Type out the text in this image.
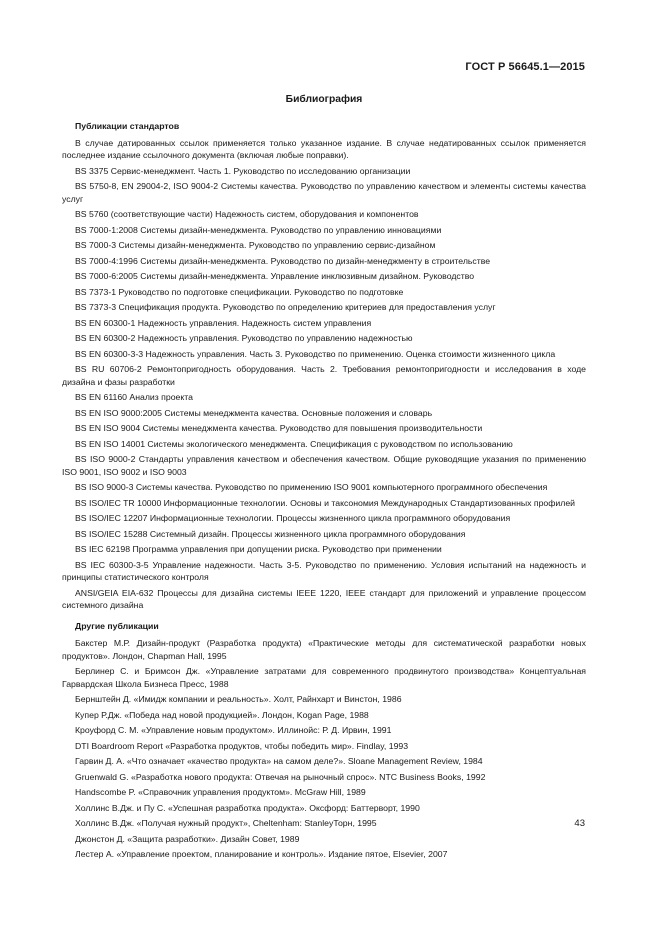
ГОСТ Р 56645.1—2015
Библиография
Публикации стандартов
В случае датированных ссылок применяется только указанное издание. В случае недатированных ссылок применяется последнее издание ссылочного документа (включая любые поправки).
BS 3375 Сервис-менеджмент. Часть 1. Руководство по исследованию организации
BS 5750-8, EN 29004-2, ISO 9004-2 Системы качества. Руководство по управлению качеством и элементы системы качества услуг
BS 5760 (соответствующие части) Надежность систем, оборудования и компонентов
BS 7000-1:2008 Системы дизайн-менеджмента. Руководство по управлению инновациями
BS 7000-3 Системы дизайн-менеджмента. Руководство по управлению сервис-дизайном
BS 7000-4:1996 Системы дизайн-менеджмента. Руководство по дизайн-менеджменту в строительстве
BS 7000-6:2005 Системы дизайн-менеджмента. Управление инклюзивным дизайном. Руководство
BS 7373-1 Руководство по подготовке спецификации. Руководство по подготовке
BS 7373-3 Спецификация продукта. Руководство по определению критериев для предоставления услуг
BS EN 60300-1 Надежность управления. Надежность систем управления
BS EN 60300-2 Надежность управления. Руководство по управлению надежностью
BS EN 60300-3-3 Надежность управления. Часть 3. Руководство по применению. Оценка стоимости жизненного цикла
BS RU 60706-2 Ремонтопригодность оборудования. Часть 2. Требования ремонтопригодности и исследования в ходе дизайна и фазы разработки
BS EN 61160 Анализ проекта
BS EN ISO 9000:2005 Системы менеджмента качества. Основные положения и словарь
BS EN ISO 9004 Системы менеджмента качества. Руководство для повышения производительности
BS EN ISO 14001 Системы экологического менеджмента. Спецификация с руководством по использованию
BS ISO 9000-2 Стандарты управления качеством и обеспечения качеством. Общие руководящие указания по применению ISO 9001, ISO 9002 и ISO 9003
BS ISO 9000-3 Системы качества. Руководство по применению ISO 9001 компьютерного программного обеспечения
BS ISO/IEC TR 10000 Информационные технологии. Основы и таксономия Международных Стандартизованных профилей
BS ISO/IEC 12207 Информационные технологии. Процессы жизненного цикла программного оборудования
BS ISO/IEC 15288 Системный дизайн. Процессы жизненного цикла программного оборудования
BS IEC 62198 Программа управления при допущении риска. Руководство при применении
BS IEC 60300-3-5 Управление надежности. Часть 3-5. Руководство по применению. Условия испытаний на надежность и принципы статистического контроля
ANSI/GEIA EIA-632 Процессы для дизайна системы IEEE 1220, IEEE стандарт для приложений и управление процессом системного дизайна
Другие публикации
Бакстер М.Р. Дизайн-продукт (Разработка продукта) «Практические методы для систематической разработки новых продуктов». Лондон, Chapman Hall, 1995
Берлинер С. и Бримсон Дж. «Управление затратами для современного продвинутого производства» Концептуальная Гарвардская Школа Бизнеса Пресс, 1988
Бернштейн Д. «Имидж компании и реальность». Холт, Райнхарт и Винстон, 1986
Купер Р.Дж. «Победа над новой продукцией». Лондон, Kogan Page, 1988
Кроуфорд С. М. «Управление новым продуктом». Иллинойс: Р. Д. Ирвин, 1991
DTI Boardroom Report «Разработка продуктов, чтобы победить мир». Findlay, 1993
Гарвин Д. А. «Что означает «качество продукта» на самом деле?». Sloane Management Review, 1984
Gruenwald G. «Разработка нового продукта: Отвечая на рыночный спрос». NTC Business Books, 1992
Handscombe P. «Справочник управления продуктом». McGraw Hill, 1989
Холлинс В.Дж. и Пу С. «Успешная разработка продукта». Оксфорд: Баттерворт, 1990
Холлинс В.Дж. «Получая нужный продукт», Cheltenham: StanleyТорн, 1995
Джонстон Д. «Защита разработки». Дизайн Совет, 1989
Лестер А. «Управление проектом, планирование и контроль». Издание пятое, Elsevier, 2007
43
